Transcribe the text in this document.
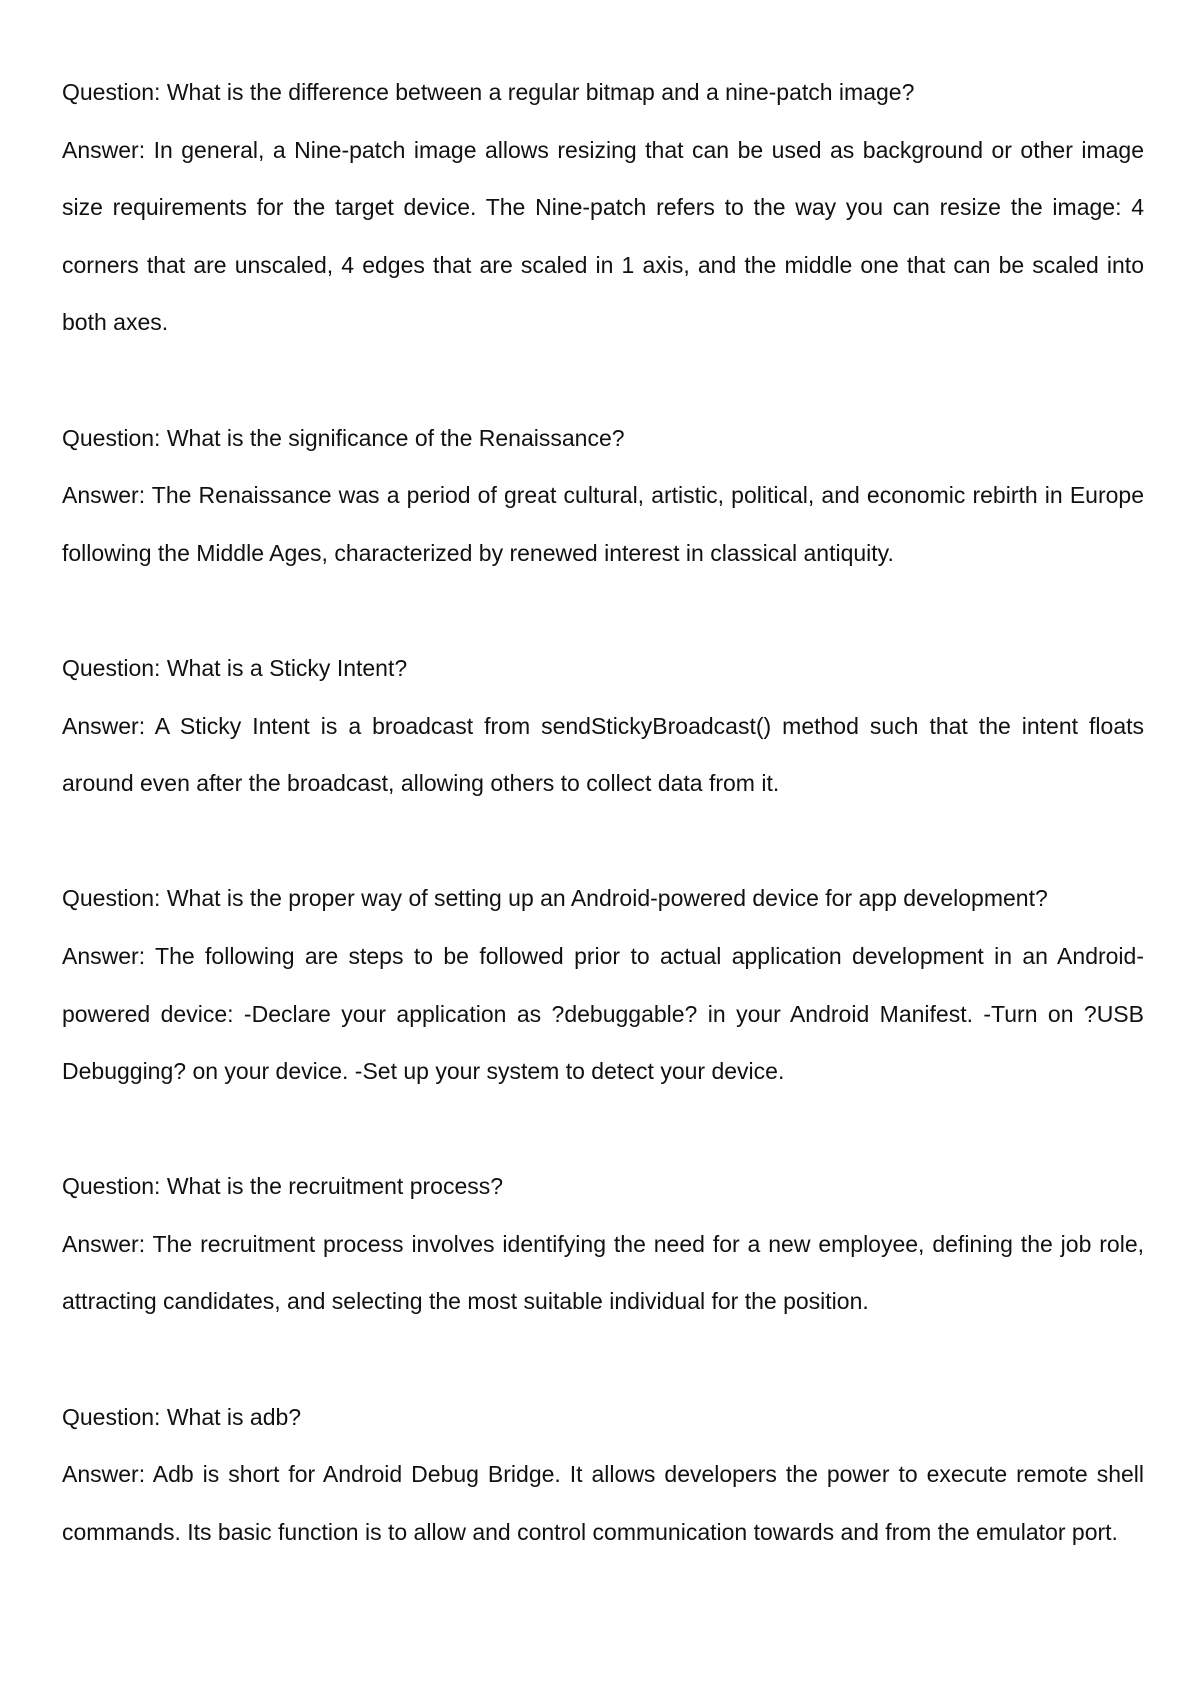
Question: What is the difference between a regular bitmap and a nine-patch image?
Answer: In general, a Nine-patch image allows resizing that can be used as background or other image size requirements for the target device. The Nine-patch refers to the way you can resize the image: 4 corners that are unscaled, 4 edges that are scaled in 1 axis, and the middle one that can be scaled into both axes.
Question: What is the significance of the Renaissance?
Answer: The Renaissance was a period of great cultural, artistic, political, and economic rebirth in Europe following the Middle Ages, characterized by renewed interest in classical antiquity.
Question: What is a Sticky Intent?
Answer: A Sticky Intent is a broadcast from sendStickyBroadcast() method such that the intent floats around even after the broadcast, allowing others to collect data from it.
Question: What is the proper way of setting up an Android-powered device for app development?
Answer: The following are steps to be followed prior to actual application development in an Android-powered device: -Declare your application as ?debuggable? in your Android Manifest. -Turn on ?USB Debugging? on your device. -Set up your system to detect your device.
Question: What is the recruitment process?
Answer: The recruitment process involves identifying the need for a new employee, defining the job role, attracting candidates, and selecting the most suitable individual for the position.
Question: What is adb?
Answer: Adb is short for Android Debug Bridge. It allows developers the power to execute remote shell commands. Its basic function is to allow and control communication towards and from the emulator port.
